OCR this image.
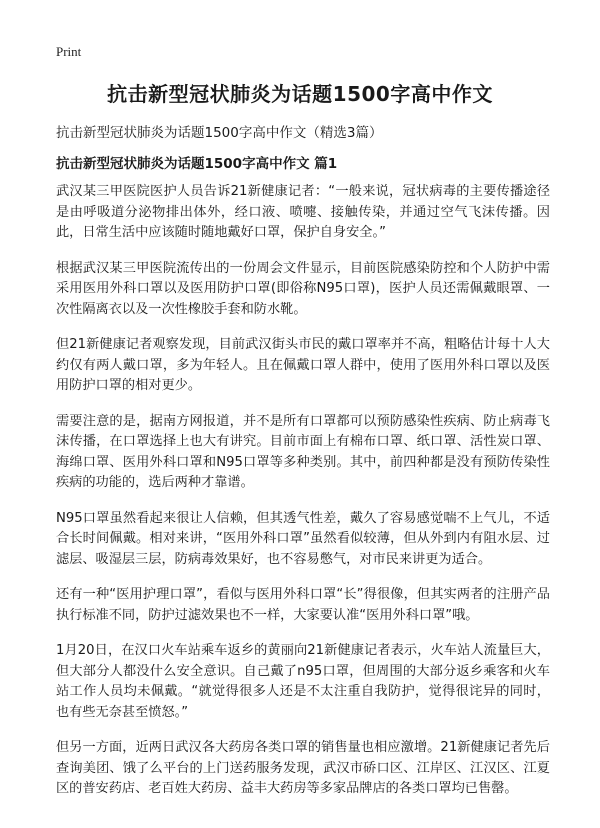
Print
抗击新型冠状肺炎为话题1500字高中作文
抗击新型冠状肺炎为话题1500字高中作文（精选3篇）
抗击新型冠状肺炎为话题1500字高中作文 篇1

武汉某三甲医院医护人员告诉21新健康记者：“一般来说，冠状病毒的主要传播途径是由呼吸道分泌物排出体外，经口液、喷嚏、接触传染，并通过空气飞沫传播。因此，日常生活中应该随时随地戴好口罩，保护自身安全。”

根据武汉某三甲医院流传出的一份周会文件显示，目前医院感染防控和个人防护中需采用医用外科口罩以及医用防护口罩(即俗称N95口罩)，医护人员还需佩戴眼罩、一次性隔离衣以及一次性橡胶手套和防水靴。

但21新健康记者观察发现，目前武汉街头市民的戴口罩率并不高，粗略估计每十人大约仅有两人戴口罩，多为年轻人。且在佩戴口罩人群中，使用了医用外科口罩以及医用防护口罩的相对更少。

需要注意的是，据南方网报道，并不是所有口罩都可以预防感染性疾病、防止病毒飞沫传播，在口罩选择上也大有讲究。目前市面上有棉布口罩、纸口罩、活性炭口罩、海绵口罩、医用外科口罩和N95口罩等多种类别。其中，前四种都是没有预防传染性疾病的功能的，选后两种才靠谱。

N95口罩虽然看起来很让人信赖，但其透气性差，戴久了容易感觉喘不上气儿，不适合长时间佩戴。相对来讲，“医用外科口罩”虽然看似较薄，但从外到内有阻水层、过滤层、吸湿层三层，防病毒效果好，也不容易憋气，对市民来讲更为适合。

还有一种“医用护理口罩”，看似与医用外科口罩“长”得很像，但其实两者的注册产品执行标准不同，防护过滤效果也不一样，大家要认准“医用外科口罩”哦。

1月20日，在汉口火车站乘车返乡的黄丽向21新健康记者表示，火车站人流量巨大，但大部分人都没什么安全意识。自己戴了n95口罩，但周围的大部分返乡乘客和火车站工作人员均未佩戴。“就觉得很多人还是不太注重自我防护，觉得很诧异的同时，也有些无奈甚至愤怒。”

但另一方面，近两日武汉各大药房各类口罩的销售量也相应激增。21新健康记者先后查询美团、饿了么平台的上门送药服务发现，武汉市硚口区、江岸区、江汉区、江夏区的普安药店、老百姓大药房、益丰大药房等多家品牌店的各类口罩均已售罄。
